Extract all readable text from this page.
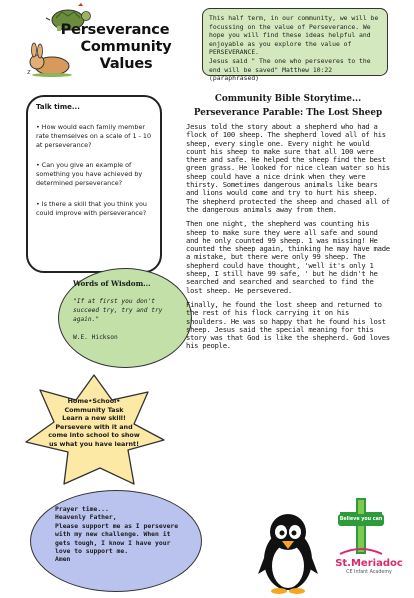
z
Perseverance
Community
Values
This half term, in our community, we will be focussing on the value of Perseverance. We hope you will find these ideas helpful and enjoyable as you explore the value of PERSEVERANCE.
Jesus said " The one who perseveres to the end will be saved" Matthew 10:22 (paraphrased)
Talk time...
• How would each family member rate themselves on a scale of 1 - 10 at perseverance?
• Can you give an example of something you have achieved by determined perseverance?
• Is there a skill that you think you could improve with perseverance?
Words of Wisdom...
"If at first you don't succeed try, try and try again."
W.E. Hickson
Home•School•
Community Task
Learn a new skill! Persevere with it and come into school to show us what you have learnt!
Prayer time...
Heavenly Father,
Please support me as I persevere with my new challenge. When it gets tough, I know I have your love to support me.
Amen
Community Bible Storytime...
Perseverance Parable: The Lost Sheep

Jesus told the story about a shepherd who had a flock of 100 sheep. The shepherd loved all of his sheep, every single one. Every night he would count his sheep to make sure that all 100 were there and safe. He helped the sheep find the best green grass. He looked for nice clean water so his sheep could have a nice drink when they were thirsty. Sometimes dangerous animals like bears and lions would come and try to hurt his sheep. The shepherd protected the sheep and chased all of the dangerous animals away from them.

Then one night, the shepherd was counting his sheep to make sure they were all safe and sound and he only counted 99 sheep. 1 was missing! He counted the sheep again, thinking he may have made a mistake, but there were only 99 sheep. The shepherd could have thought, 'well it's only 1 sheep, I still have 99 safe, ' but he didn't he searched and searched and searched to find the lost sheep. He persevered.

Finally, he found the lost sheep and returned to the rest of his flock carrying it on his shoulders. He was so happy that he found his lost sheep. Jesus said the special meaning for this story was that God is like the shepherd. God loves his people.

Believe you can
St.Meriadoc
CE Infant Academy
